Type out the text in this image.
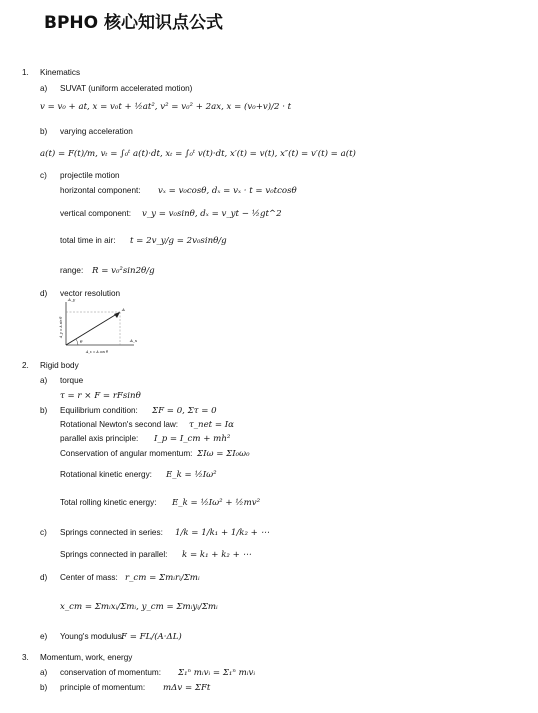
BPHO 核心知识点公式
1. Kinematics
a) SUVAT (uniform accelerated motion)
v = v₀ + at, x = v₀t + ½at², v² = v₀² + 2ax, x = (v₀+v)/2 · t
b) varying acceleration
a(t) = F(t)/m, vₜ = ∫₀ᵗ a(t)·dt, xₜ = ∫₀ᵗ v(t)·dt, x′(t) = v(t), x″(t) = v′(t) = a(t)
c) projectile motion
horizontal component: vₓ = v₀cosθ, dₓ = vₓ · t = v₀tcosθ
vertical component: v_y = v₀sinθ, dₓ = v_yt − ½gt^2
total time in air: t = 2v_y/g = 2v₀sinθ/g
range: R = v₀²sin2θ/g
d) vector resolution
A_y
A_x
A
θ
A_y = A sin θ
A_x = A cos θ
2. Rigid body
a) torque
τ = r × F = rFsinθ
b) Equilibrium condition: ΣF = 0, Στ = 0
Rotational Newton's second law: τ_net = Iα
parallel axis principle: I_p = I_cm + mh²
Conservation of angular momentum: ΣIω = ΣI₀ω₀
Rotational kinetic energy: E_k = ½Iω²
Total rolling kinetic energy: E_k = ½Iω² + ½mv²
c) Springs connected in series: 1/k = 1/k₁ + 1/k₂ + ⋯
Springs connected in parallel: k = k₁ + k₂ + ⋯
d) Center of mass: r_cm = Σmᵢrᵢ/Σmᵢ
x_cm = Σmᵢxᵢ/Σmᵢ, y_cm = Σmᵢyᵢ/Σmᵢ
e) Young's modulus:
F = FL/(A·ΔL)
3. Momentum, work, energy
a) conservation of momentum: Σ₁ⁿ mᵢvᵢ = Σ₁ⁿ mᵢvᵢ
b) principle of momentum: mΔv = ΣFt
